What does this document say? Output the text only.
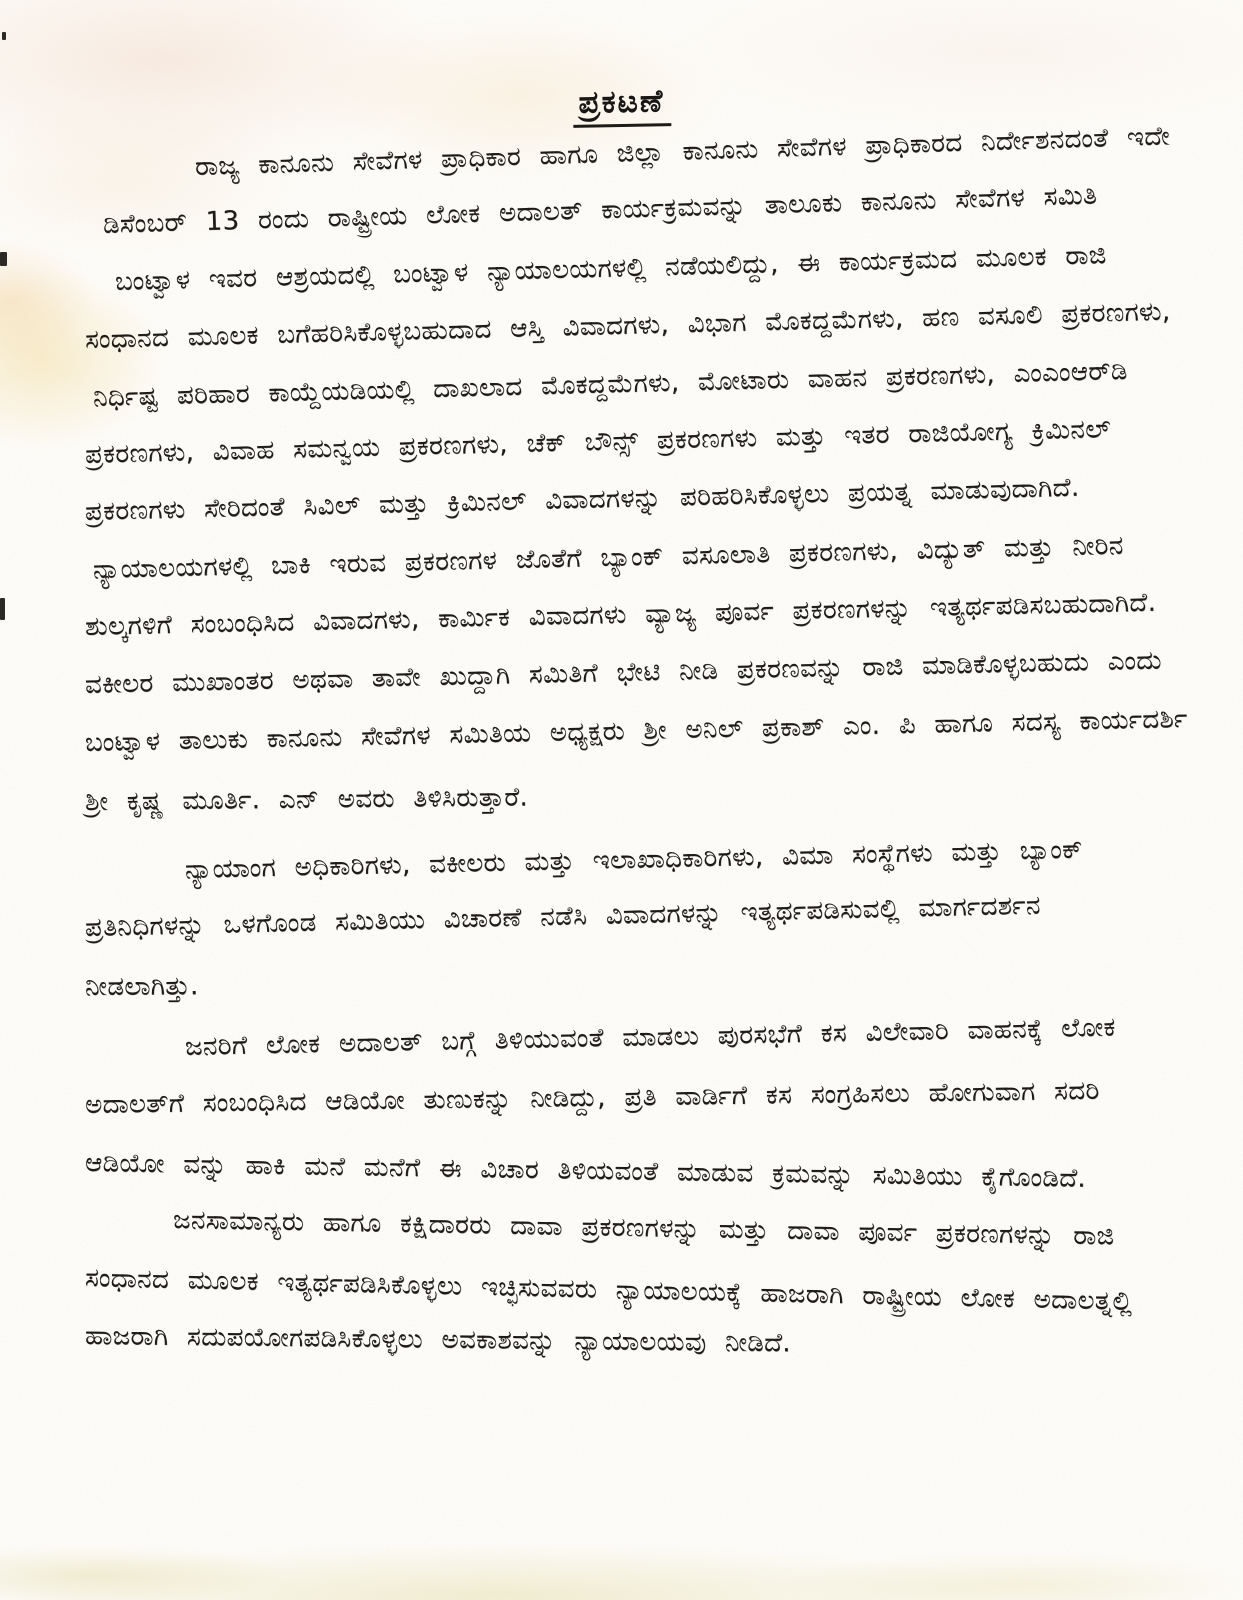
ಪ್ರಕಟಣೆ
ರಾಜ್ಯ ಕಾನೂನು ಸೇವೆಗಳ ಪ್ರಾಧಿಕಾರ ಹಾಗೂ ಜಿಲ್ಲಾ ಕಾನೂನು ಸೇವೆಗಳ ಪ್ರಾಧಿಕಾರದ ನಿರ್ದೇಶನದಂತೆ ಇದೇ
ಡಿಸೆಂಬರ್ 13 ರಂದು ರಾಷ್ಟ್ರೀಯ ಲೋಕ ಅದಾಲತ್ ಕಾರ್ಯಕ್ರಮವನ್ನು ತಾಲೂಕು ಕಾನೂನು ಸೇವೆಗಳ ಸಮಿತಿ
ಬಂಟ್ವಾಳ ಇವರ ಆಶ್ರಯದಲ್ಲಿ ಬಂಟ್ವಾಳ ನ್ಯಾಯಾಲಯಗಳಲ್ಲಿ ನಡೆಯಲಿದ್ದು, ಈ ಕಾರ್ಯಕ್ರಮದ ಮೂಲಕ ರಾಜಿ
ಸಂಧಾನದ ಮೂಲಕ ಬಗೆಹರಿಸಿಕೊಳ್ಳಬಹುದಾದ ಆಸ್ತಿ ವಿವಾದಗಳು, ವಿಭಾಗ ಮೊಕದ್ದಮೆಗಳು, ಹಣ ವಸೂಲಿ ಪ್ರಕರಣಗಳು,
ನಿರ್ಧಿಷ್ಟ ಪರಿಹಾರ ಕಾಯ್ದೆಯಡಿಯಲ್ಲಿ ದಾಖಲಾದ ಮೊಕದ್ದಮೆಗಳು, ಮೋಟಾರು ವಾಹನ ಪ್ರಕರಣಗಳು, ಎಂಎಂಆರ್‌ಡಿ
ಪ್ರಕರಣಗಳು, ವಿವಾಹ ಸಮನ್ವಯ ಪ್ರಕರಣಗಳು, ಚೆಕ್ ಬೌನ್ಸ್ ಪ್ರಕರಣಗಳು ಮತ್ತು ಇತರ ರಾಜಿಯೋಗ್ಯ ಕ್ರಿಮಿನಲ್
ಪ್ರಕರಣಗಳು ಸೇರಿದಂತೆ ಸಿವಿಲ್ ಮತ್ತು ಕ್ರಿಮಿನಲ್ ವಿವಾದಗಳನ್ನು ಪರಿಹರಿಸಿಕೊಳ್ಳಲು ಪ್ರಯತ್ನ ಮಾಡುವುದಾಗಿದೆ.
ನ್ಯಾಯಾಲಯಗಳಲ್ಲಿ ಬಾಕಿ ಇರುವ ಪ್ರಕರಣಗಳ ಜೊತೆಗೆ ಬ್ಯಾಂಕ್ ವಸೂಲಾತಿ ಪ್ರಕರಣಗಳು, ವಿದ್ಯುತ್ ಮತ್ತು ನೀರಿನ
ಶುಲ್ಕಗಳಿಗೆ ಸಂಬಂಧಿಸಿದ ವಿವಾದಗಳು, ಕಾರ್ಮಿಕ ವಿವಾದಗಳು ವ್ಯಾಜ್ಯ ಪೂರ್ವ ಪ್ರಕರಣಗಳನ್ನು ಇತ್ಯರ್ಥಪಡಿಸಬಹುದಾಗಿದೆ.
ವಕೀಲರ ಮುಖಾಂತರ ಅಥವಾ ತಾವೇ ಖುದ್ದಾಗಿ ಸಮಿತಿಗೆ ಭೇಟಿ ನೀಡಿ ಪ್ರಕರಣವನ್ನು ರಾಜಿ ಮಾಡಿಕೊಳ್ಳಬಹುದು ಎಂದು
ಬಂಟ್ವಾಳ ತಾಲುಕು ಕಾನೂನು ಸೇವೆಗಳ ಸಮಿತಿಯ ಅಧ್ಯಕ್ಷರು ಶ್ರೀ ಅನಿಲ್ ಪ್ರಕಾಶ್ ಎಂ. ಪಿ ಹಾಗೂ ಸದಸ್ಯ ಕಾರ್ಯದರ್ಶಿ
ಶ್ರೀ ಕೃಷ್ಣ ಮೂರ್ತಿ. ಎನ್ ಅವರು ತಿಳಿಸಿರುತ್ತಾರೆ.
ನ್ಯಾಯಾಂಗ ಅಧಿಕಾರಿಗಳು, ವಕೀಲರು ಮತ್ತು ಇಲಾಖಾಧಿಕಾರಿಗಳು, ವಿಮಾ ಸಂಸ್ಥೆಗಳು ಮತ್ತು ಬ್ಯಾಂಕ್
ಪ್ರತಿನಿಧಿಗಳನ್ನು ಒಳಗೊಂಡ ಸಮಿತಿಯು ವಿಚಾರಣೆ ನಡೆಸಿ ವಿವಾದಗಳನ್ನು ಇತ್ಯರ್ಥಪಡಿಸುವಲ್ಲಿ ಮಾರ್ಗದರ್ಶನ
ನೀಡಲಾಗಿತ್ತು.
ಜನರಿಗೆ ಲೋಕ ಅದಾಲತ್ ಬಗ್ಗೆ ತಿಳಿಯುವಂತೆ ಮಾಡಲು ಪುರಸಭೆಗೆ ಕಸ ವಿಲೇವಾರಿ ವಾಹನಕ್ಕೆ ಲೋಕ
ಅದಾಲತ್‌ಗೆ ಸಂಬಂಧಿಸಿದ ಆಡಿಯೋ ತುಣುಕನ್ನು ನೀಡಿದ್ದು, ಪ್ರತಿ ವಾರ್ಡಿಗೆ ಕಸ ಸಂಗ್ರಹಿಸಲು ಹೋಗುವಾಗ ಸದರಿ
ಆಡಿಯೋ ವನ್ನು ಹಾಕಿ ಮನೆ ಮನೆಗೆ ಈ ವಿಚಾರ ತಿಳಿಯವಂತೆ ಮಾಡುವ ಕ್ರಮವನ್ನು ಸಮಿತಿಯು ಕೈಗೊಂಡಿದೆ.
ಜನಸಾಮಾನ್ಯರು ಹಾಗೂ ಕಕ್ಷಿದಾರರು ದಾವಾ ಪ್ರಕರಣಗಳನ್ನು ಮತ್ತು ದಾವಾ ಪೂರ್ವ ಪ್ರಕರಣಗಳನ್ನು ರಾಜಿ
ಸಂಧಾನದ ಮೂಲಕ ಇತ್ಯರ್ಥಪಡಿಸಿಕೊಳ್ಳಲು ಇಚ್ಛಿಸುವವರು ನ್ಯಾಯಾಲಯಕ್ಕೆ ಹಾಜರಾಗಿ ರಾಷ್ಟ್ರೀಯ ಲೋಕ ಅದಾಲತ್ನಲ್ಲಿ
ಹಾಜರಾಗಿ ಸದುಪಯೋಗಪಡಿಸಿಕೊಳ್ಳಲು ಅವಕಾಶವನ್ನು ನ್ಯಾಯಾಲಯವು ನೀಡಿದೆ.
